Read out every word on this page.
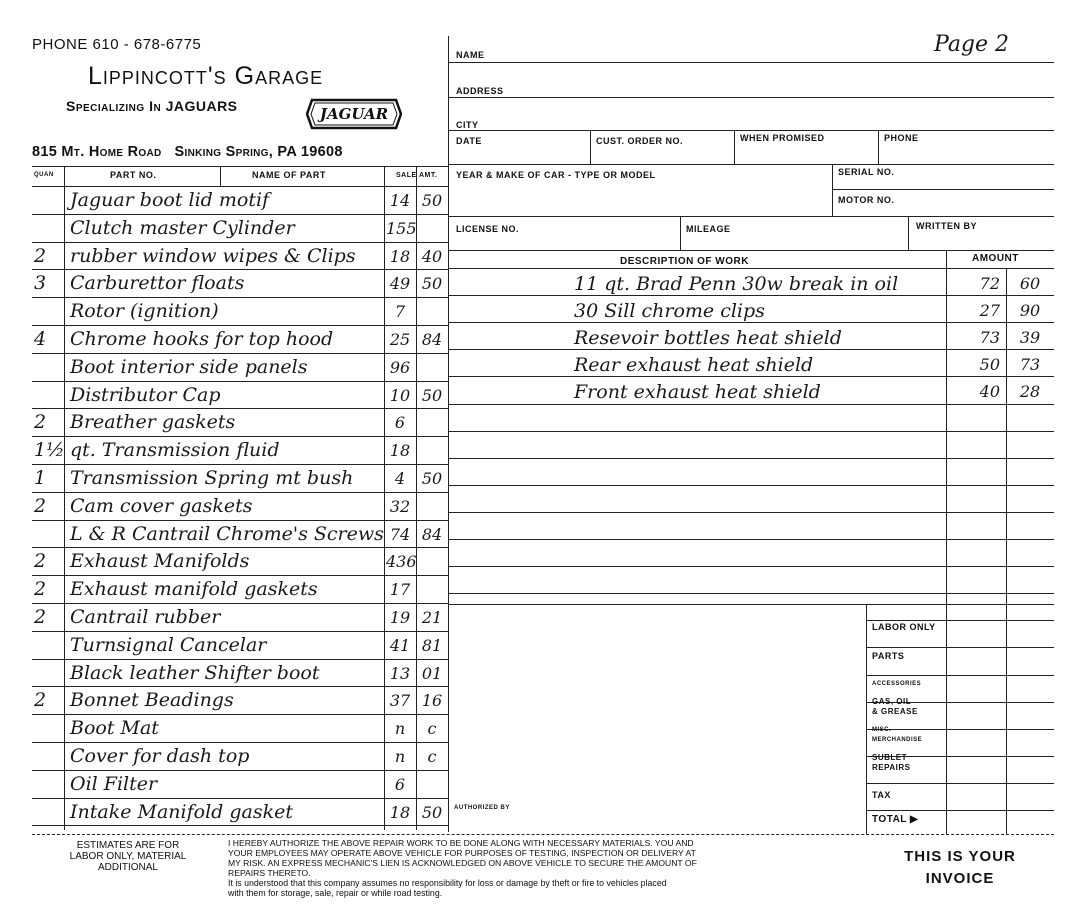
PHONE 610 - 678-6775
Lippincott's Garage
Specializing In JAGUARS	JAGUAR
815 Mt. Home Road   Sinking Spring, PA 19608
QUAN	PART NO.	NAME OF PART	SALE AMT.
Jaguar boot lid motif	14 50
Clutch master Cylinder	155
2 rubber window wipes & Clips 18 40
3 Carburettor floats	49 50
Rotor (ignition)	7
4 Chrome hooks for top hood	25 84
Boot interior side panels	96
Distributor Cap	10 50
2 Breather gaskets	6
1½ qt. Transmission fluid	18
1 Transmission Spring mt bush	4	50
2 Cam cover gaskets	32
L & R Cantrail Chrome's Screws 74 84
2 Exhaust Manifolds	436
2 Exhaust manifold gaskets	17
2 Cantrail rubber	19 21
Turnsignal Cancelar	41 81
Black leather Shifter boot	13 01
2 Bonnet Beadings	37 16
Boot Mat	n	c
Cover for dash top	n	c
Oil Filter	6
Intake Manifold gasket	18 50
NAME	Page 2
ADDRESS
CITY
DATE	CUST. ORDER NO.	WHEN PROMISED	PHONE
YEAR & MAKE OF CAR - TYPE OR MODEL	SERIAL NO.
MOTOR NO.
LICENSE NO.	MILEAGE	WRITTEN BY
DESCRIPTION OF WORK	AMOUNT
11 qt. Brad Penn 30w break in oil	72	60
30 Sill chrome clips	27	90
Resevoir bottles heat shield	73	39
Rear exhaust heat shield	50	73
Front exhaust heat shield	40	28
LABOR ONLY
PARTS
ACCESSORIES
GAS, OIL
& GREASE
MISC.
MERCHANDISE
SUBLET
REPAIRS
TAX
TOTAL ▶
AUTHORIZED BY
ESTIMATES ARE FOR
LABOR ONLY, MATERIAL
ADDITIONAL
I HEREBY AUTHORIZE THE ABOVE REPAIR WORK TO BE DONE ALONG WITH NECESSARY MATERIALS. YOU AND
YOUR EMPLOYEES MAY OPERATE ABOVE VEHICLE FOR PURPOSES OF TESTING, INSPECTION OR DELIVERY AT
MY RISK. AN EXPRESS MECHANIC'S LIEN IS ACKNOWLEDGED ON ABOVE VEHICLE TO SECURE THE AMOUNT OF
REPAIRS THERETO.
It is understood that this company assumes no responsibility for loss or damage by theft or fire to vehicles placed
with them for storage, sale, repair or while road testing.
THIS IS YOUR
INVOICE
